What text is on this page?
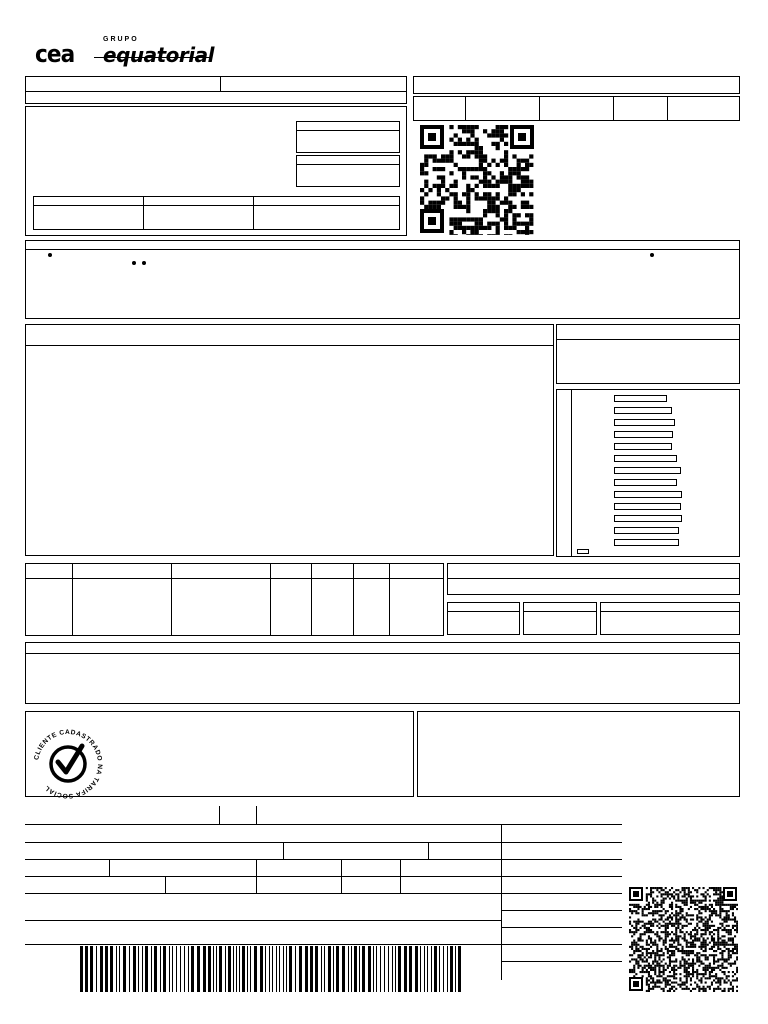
cea
GRUPO
equatorial
CLIENTE CADASTRADO NA TARIFA SOCIAL
